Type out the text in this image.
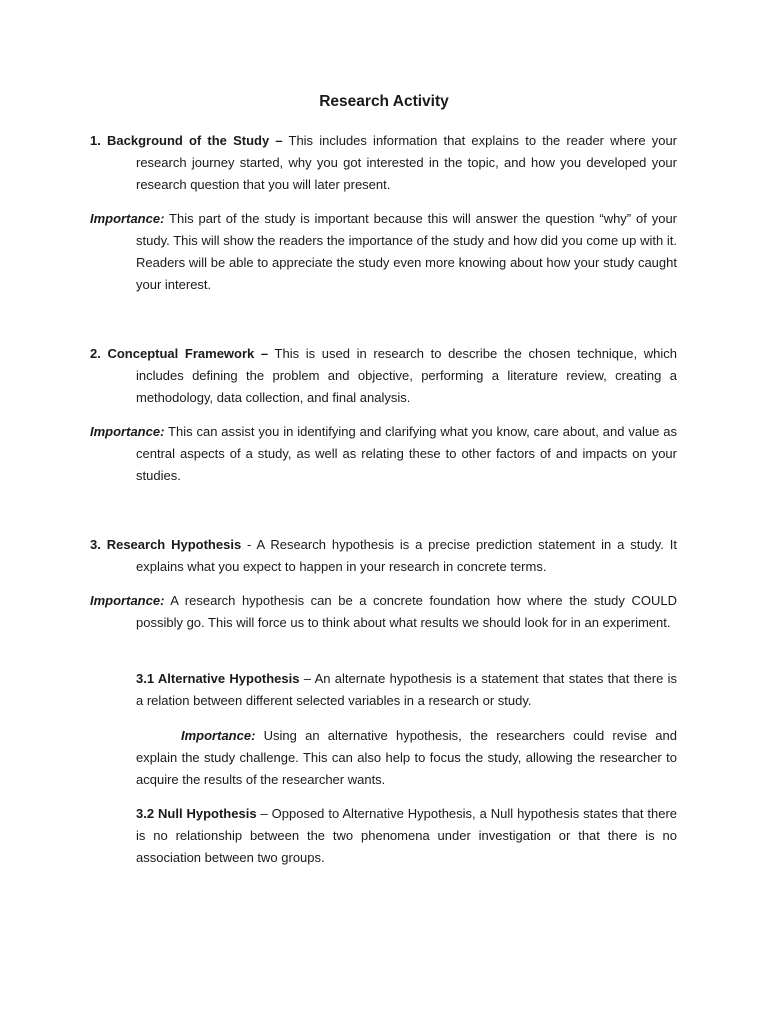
Research Activity
1. Background of the Study – This includes information that explains to the reader where your research journey started, why you got interested in the topic, and how you developed your research question that you will later present.
Importance: This part of the study is important because this will answer the question “why” of your study. This will show the readers the importance of the study and how did you come up with it. Readers will be able to appreciate the study even more knowing about how your study caught your interest.
2. Conceptual Framework – This is used in research to describe the chosen technique, which includes defining the problem and objective, performing a literature review, creating a methodology, data collection, and final analysis.
Importance: This can assist you in identifying and clarifying what you know, care about, and value as central aspects of a study, as well as relating these to other factors of and impacts on your studies.
3. Research Hypothesis - A Research hypothesis is a precise prediction statement in a study. It explains what you expect to happen in your research in concrete terms.
Importance: A research hypothesis can be a concrete foundation how where the study COULD possibly go. This will force us to think about what results we should look for in an experiment.
3.1 Alternative Hypothesis – An alternate hypothesis is a statement that states that there is a relation between different selected variables in a research or study.
Importance: Using an alternative hypothesis, the researchers could revise and explain the study challenge. This can also help to focus the study, allowing the researcher to acquire the results of the researcher wants.
3.2 Null Hypothesis – Opposed to Alternative Hypothesis, a Null hypothesis states that there is no relationship between the two phenomena under investigation or that there is no association between two groups.
